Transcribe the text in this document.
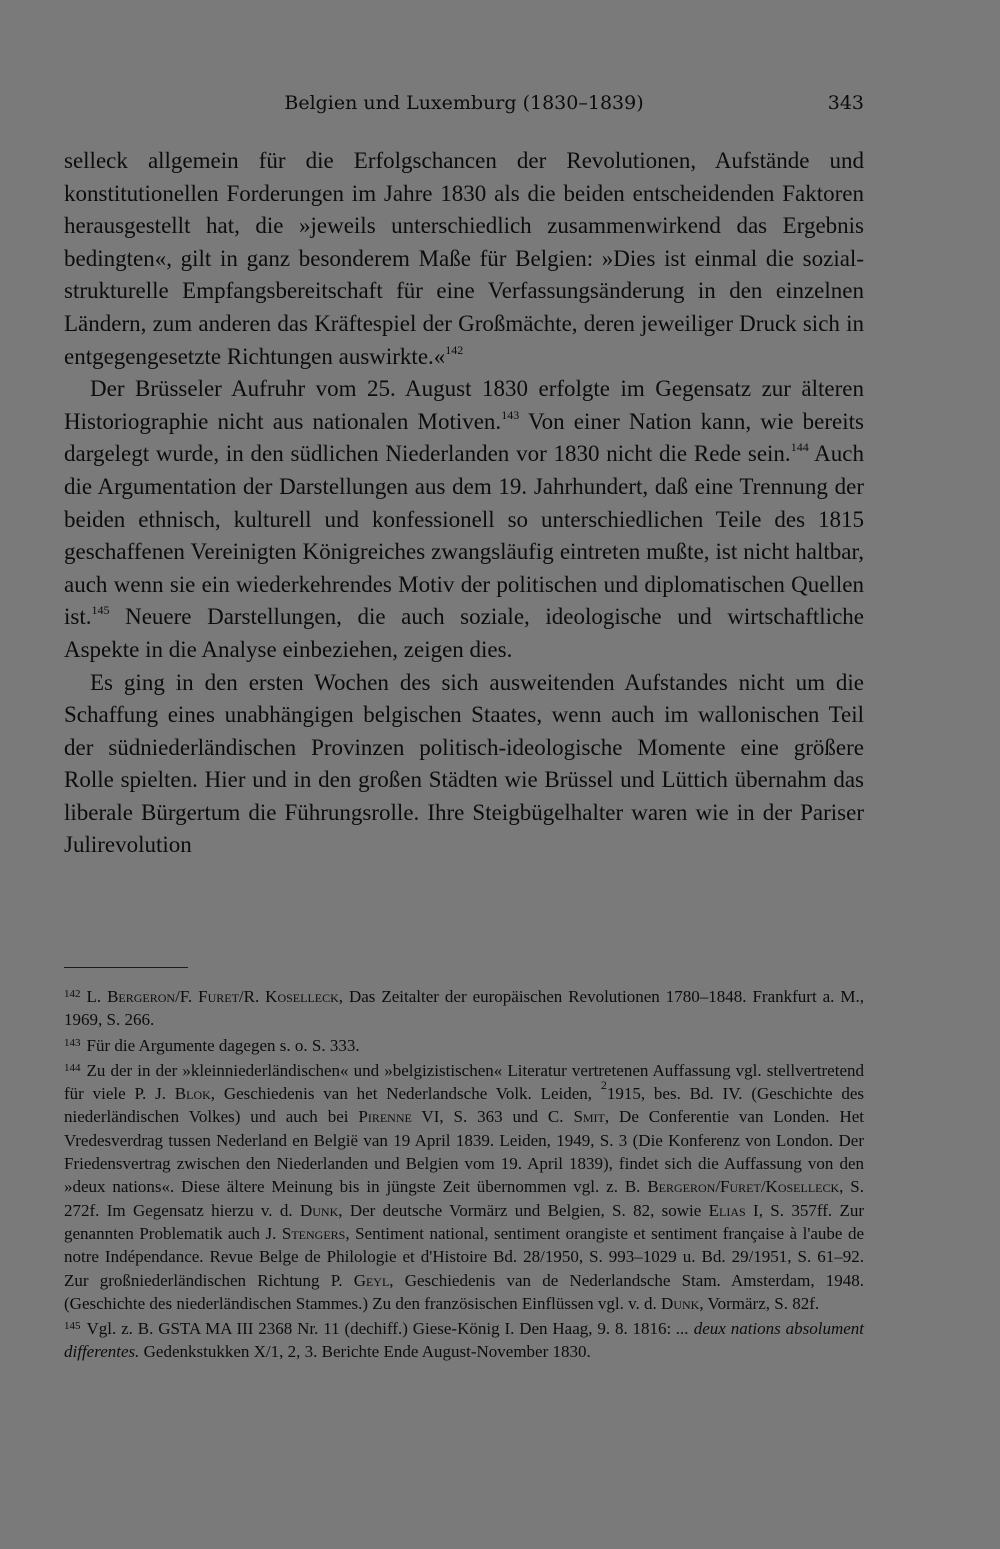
Belgien und Luxemburg (1830–1839)	343

selleck allgemein für die Erfolgschancen der Revolutionen, Aufstände und konstitutionellen Forderungen im Jahre 1830 als die beiden entscheidenden Faktoren herausgestellt hat, die »jeweils unterschiedlich zusammenwirkend das Ergebnis bedingten«, gilt in ganz besonderem Maße für Belgien: »Dies ist einmal die sozial-strukturelle Empfangsbereitschaft für eine Verfassungsänderung in den einzelnen Ländern, zum anderen das Kräftespiel der Großmächte, deren jeweiliger Druck sich in entgegengesetzte Richtungen auswirkte.«$^{142}$

Der Brüsseler Aufruhr vom 25. August 1830 erfolgte im Gegensatz zur älteren Historiographie nicht aus nationalen Motiven.$^{143}$ Von einer Nation kann, wie bereits dargelegt wurde, in den südlichen Niederlanden vor 1830 nicht die Rede sein.$^{144}$ Auch die Argumentation der Darstellungen aus dem 19. Jahrhundert, daß eine Trennung der beiden ethnisch, kulturell und konfessionell so unterschiedlichen Teile des 1815 geschaffenen Vereinigten Königreiches zwangsläufig eintreten mußte, ist nicht haltbar, auch wenn sie ein wiederkehrendes Motiv der politischen und diplomatischen Quellen ist.$^{145}$ Neuere Darstellungen, die auch soziale, ideologische und wirtschaftliche Aspekte in die Analyse einbeziehen, zeigen dies.

Es ging in den ersten Wochen des sich ausweitenden Aufstandes nicht um die Schaffung eines unabhängigen belgischen Staates, wenn auch im wallonischen Teil der südniederländischen Provinzen politisch-ideologische Momente eine größere Rolle spielten. Hier und in den großen Städten wie Brüssel und Lüttich übernahm das liberale Bürgertum die Führungsrolle. Ihre Steigbügelhalter waren wie in der Pariser Julirevolution

$^{142}$ L. Bergeron/F. Furet/R. Koselleck, Das Zeitalter der europäischen Revolutionen 1780–1848. Frankfurt a. M., 1969, S. 266.

$^{143}$ Für die Argumente dagegen s. o. S. 333.

$^{144}$ Zu der in der »kleinniederländischen« und »belgizistischen« Literatur vertretenen Auffassung vgl. stellvertretend für viele P. J. Blok, Geschiedenis van het Nederlandsche Volk. Leiden, $^2$1915, bes. Bd. IV. (Geschichte des niederländischen Volkes) und auch bei Pirenne VI, S. 363 und C. Smit, De Conferentie van Londen. Het Vredesverdrag tussen Nederland en België van 19 April 1839. Leiden, 1949, S. 3 (Die Konferenz von London. Der Friedensvertrag zwischen den Niederlanden und Belgien vom 19. April 1839), findet sich die Auffassung von den »deux nations«. Diese ältere Meinung bis in jüngste Zeit übernommen vgl. z. B. Bergeron/Furet/Koselleck, S. 272f. Im Gegensatz hierzu v. d. Dunk, Der deutsche Vormärz und Belgien, S. 82, sowie Elias I, S. 357ff. Zur genannten Problematik auch J. Stengers, Sentiment national, sentiment orangiste et sentiment française à l'aube de notre Indépendance. Revue Belge de Philologie et d'Histoire Bd. 28/1950, S. 993–1029 u. Bd. 29/1951, S. 61–92. Zur großniederländischen Richtung P. Geyl, Geschiedenis van de Nederlandsche Stam. Amsterdam, 1948. (Geschichte des niederländischen Stammes.) Zu den französischen Einflüssen vgl. v. d. Dunk, Vormärz, S. 82f.

$^{145}$ Vgl. z. B. GSTA MA III 2368 Nr. 11 (dechiff.) Giese-König I. Den Haag, 9. 8. 1816: ... deux nations absolument differentes. Gedenkstukken X/1, 2, 3. Berichte Ende August-November 1830.
